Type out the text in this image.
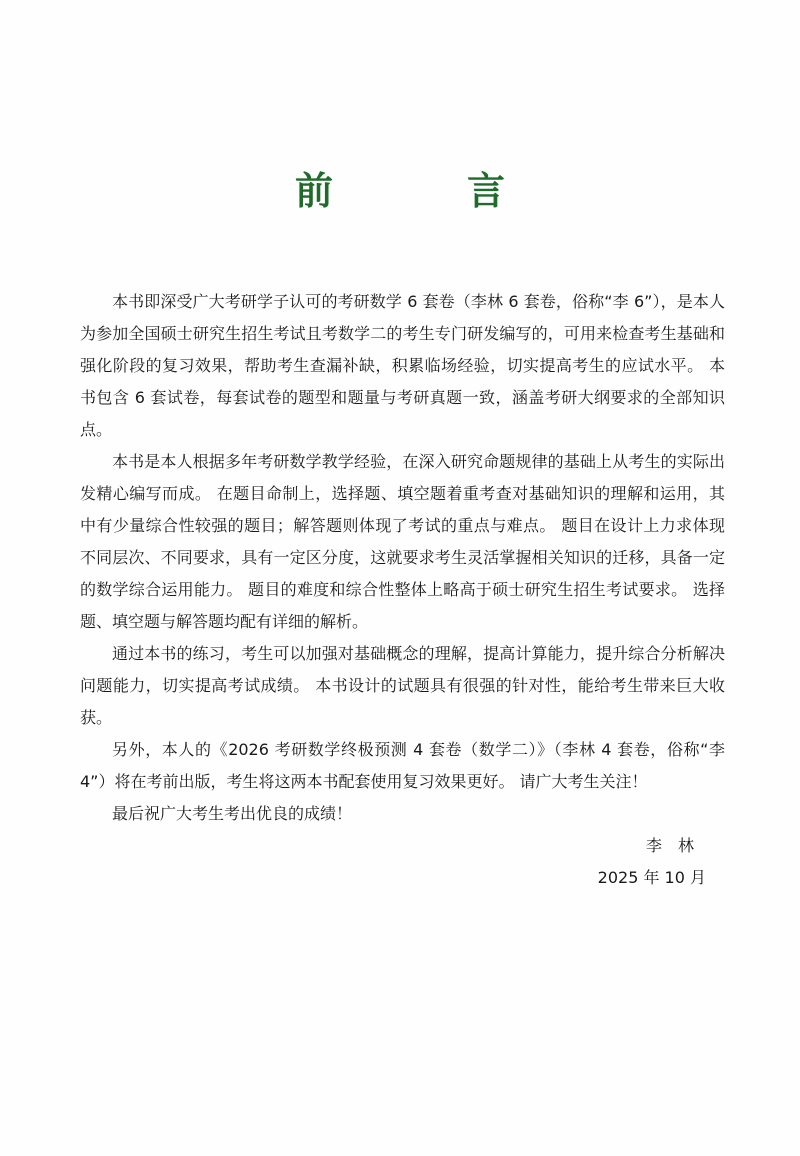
前　言

本书即深受广大考研学子认可的考研数学 6 套卷（李林 6 套卷，俗称“李 6”），是本人为参加全国硕士研究生招生考试且考数学二的考生专门研发编写的，可用来检查考生基础和强化阶段的复习效果，帮助考生查漏补缺，积累临场经验，切实提高考生的应试水平。 本书包含 6 套试卷，每套试卷的题型和题量与考研真题一致，涵盖考研大纲要求的全部知识点。

本书是本人根据多年考研数学教学经验，在深入研究命题规律的基础上从考生的实际出发精心编写而成。 在题目命制上，选择题、填空题着重考查对基础知识的理解和运用，其中有少量综合性较强的题目；解答题则体现了考试的重点与难点。 题目在设计上力求体现不同层次、不同要求，具有一定区分度，这就要求考生灵活掌握相关知识的迁移，具备一定的数学综合运用能力。 题目的难度和综合性整体上略高于硕士研究生招生考试要求。 选择题、填空题与解答题均配有详细的解析。

通过本书的练习，考生可以加强对基础概念的理解，提高计算能力，提升综合分析解决问题能力，切实提高考试成绩。 本书设计的试题具有很强的针对性，能给考生带来巨大收获。

另外，本人的《2026 考研数学终极预测 4 套卷（数学二）》（李林 4 套卷，俗称“李 4”）将在考前出版，考生将这两本书配套使用复习效果更好。 请广大考生关注！

最后祝广大考生考出优良的成绩！

李林
2025 年 10 月
